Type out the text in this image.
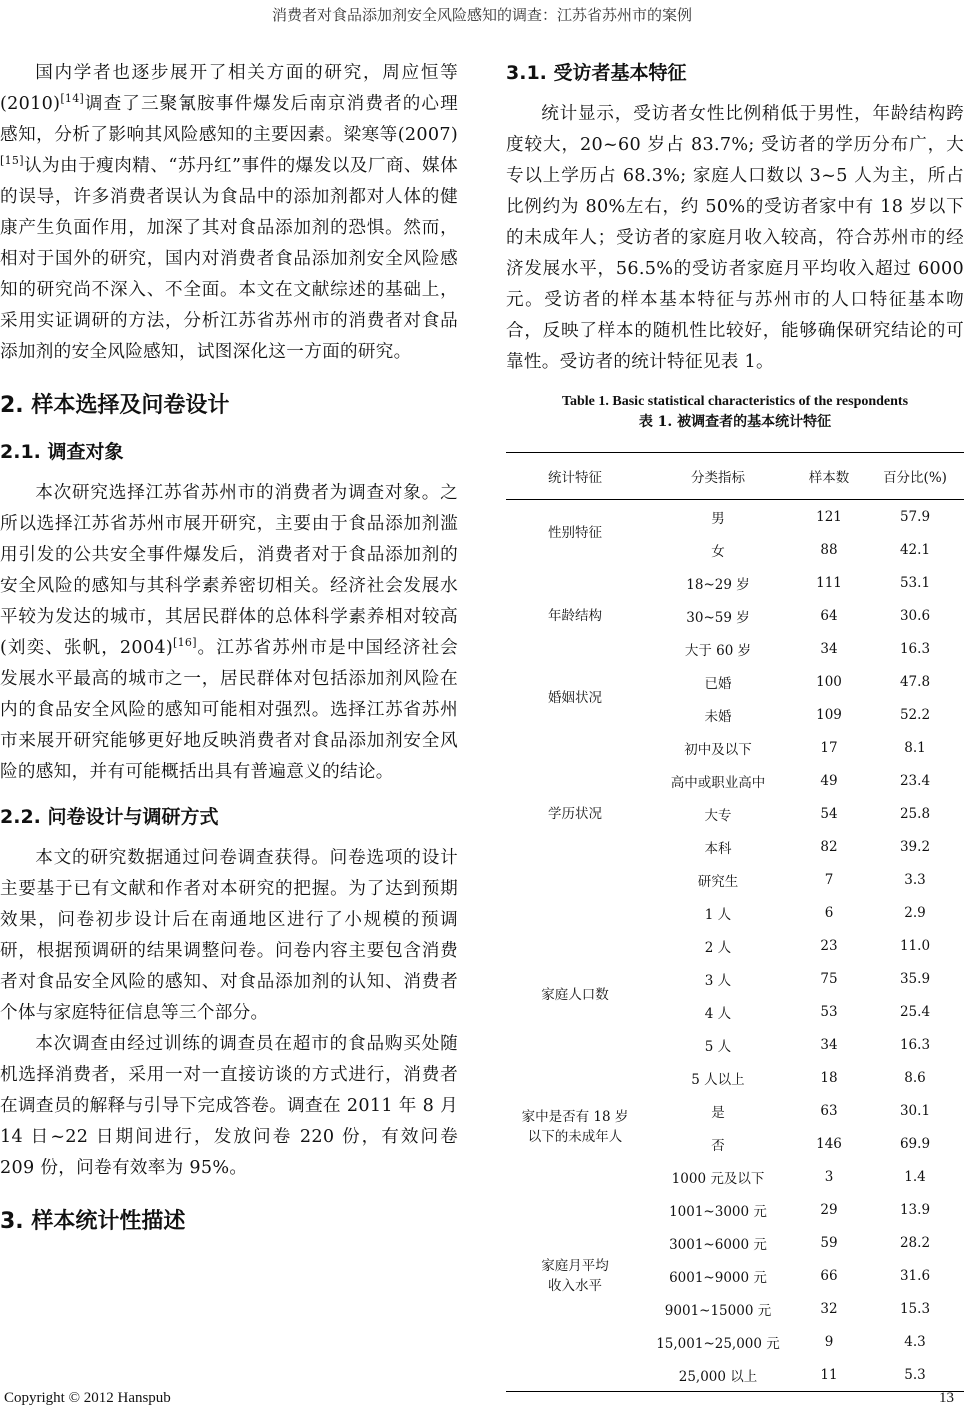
消费者对食品添加剂安全风险感知的调查：江苏省苏州市的案例

国内学者也逐步展开了相关方面的研究，周应恒等(2010)[14]调查了三聚氰胺事件爆发后南京消费者的心理感知，分析了影响其风险感知的主要因素。梁寒等(2007)[15]认为由于瘦肉精、“苏丹红”事件的爆发以及厂商、媒体的误导，许多消费者误认为食品中的添加剂都对人体的健康产生负面作用，加深了其对食品添加剂的恐惧。然而，相对于国外的研究，国内对消费者食品添加剂安全风险感知的研究尚不深入、不全面。本文在文献综述的基础上，采用实证调研的方法，分析江苏省苏州市的消费者对食品添加剂的安全风险感知，试图深化这一方面的研究。

2. 样本选择及问卷设计
2.1. 调查对象

本次研究选择江苏省苏州市的消费者为调查对象。之所以选择江苏省苏州市展开研究，主要由于食品添加剂滥用引发的公共安全事件爆发后，消费者对于食品添加剂的安全风险的感知与其科学素养密切相关。经济社会发展水平较为发达的城市，其居民群体的总体科学素养相对较高(刘奕、张帆，2004)[16]。江苏省苏州市是中国经济社会发展水平最高的城市之一，居民群体对包括添加剂风险在内的食品安全风险的感知可能相对强烈。选择江苏省苏州市来展开研究能够更好地反映消费者对食品添加剂安全风险的感知，并有可能概括出具有普遍意义的结论。

2.2. 问卷设计与调研方式

本文的研究数据通过问卷调查获得。问卷选项的设计主要基于已有文献和作者对本研究的把握。为了达到预期效果，问卷初步设计后在南通地区进行了小规模的预调研，根据预调研的结果调整问卷。问卷内容主要包含消费者对食品安全风险的感知、对食品添加剂的认知、消费者个体与家庭特征信息等三个部分。

本次调查由经过训练的调查员在超市的食品购买处随机选择消费者，采用一对一直接访谈的方式进行，消费者在调查员的解释与引导下完成答卷。调查在 2011 年 8 月 14 日~22 日期间进行，发放问卷 220 份，有效问卷 209 份，问卷有效率为 95%。

3. 样本统计性描述
3.1. 受访者基本特征

统计显示，受访者女性比例稍低于男性，年龄结构跨度较大，20~60 岁占 83.7%; 受访者的学历分布广，大专以上学历占 68.3%; 家庭人口数以 3~5 人为主，所占比例约为 80%左右，约 50%的受访者家中有 18 岁以下的未成年人；受访者的家庭月收入较高，符合苏州市的经济发展水平，56.5%的受访者家庭月平均收入超过 6000 元。受访者的样本基本特征与苏州市的人口特征基本吻合，反映了样本的随机性比较好，能够确保研究结论的可靠性。受访者的统计特征见表 1。

Table 1. Basic statistical characteristics of the respondents
表 1. 被调查者的基本统计特征
统计特征	分类指标	样本数	百分比(%)
性别特征	男	121	57.9
	女	88	42.1
年龄结构	18~29 岁	111	53.1
	30~59 岁	64	30.6
	大于 60 岁	34	16.3
婚姻状况	已婚	100	47.8
	未婚	109	52.2
学历状况	初中及以下	17	8.1
	高中或职业高中	49	23.4
	大专	54	25.8
	本科	82	39.2
	研究生	7	3.3
家庭人口数	1 人	6	2.9
	2 人	23	11.0
	3 人	75	35.9
	4 人	53	25.4
	5 人	34	16.3
	5 人以上	18	8.6
家中是否有 18 岁
以下的未成年人	是	63	30.1
	否	146	69.9
家庭月平均
收入水平	1000 元及以下	3	1.4
	1001~3000 元	29	13.9
	3001~6000 元	59	28.2
	6001~9000 元	66	31.6
	9001~15000 元	32	15.3
	15,001~25,000 元	9	4.3
	25,000 以上	11	5.3
Copyright © 2012 Hanspub	13
